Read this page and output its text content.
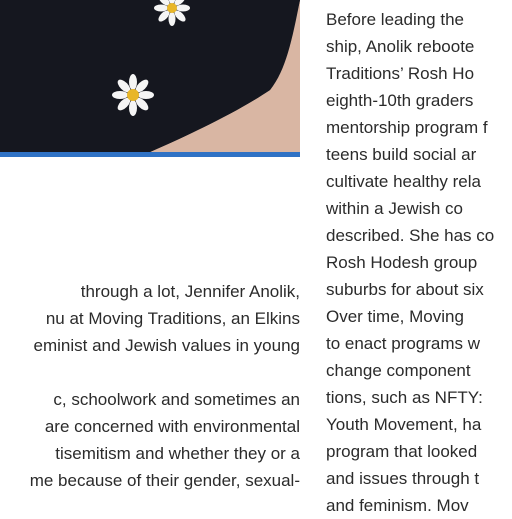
through a lot, Jennifer Anolik,
nu at Moving Traditions, an Elkins
eminist and Jewish values in young
c, schoolwork and sometimes an
are concerned with environmental
tisemitism and whether they or a
me because of their gender, sexual-
Before leading the
ship, Anolik reboote
Traditions’ Rosh Ho
eighth-10th graders
mentorship program f
teens build social ar
cultivate healthy rela
within a Jewish co
described. She has co
Rosh Hodesh group
suburbs for about six
Over time, Moving
to enact programs w
change component
tions, such as NFTY:
Youth Movement, ha
program that looked
and issues through t
and feminism. Mov
